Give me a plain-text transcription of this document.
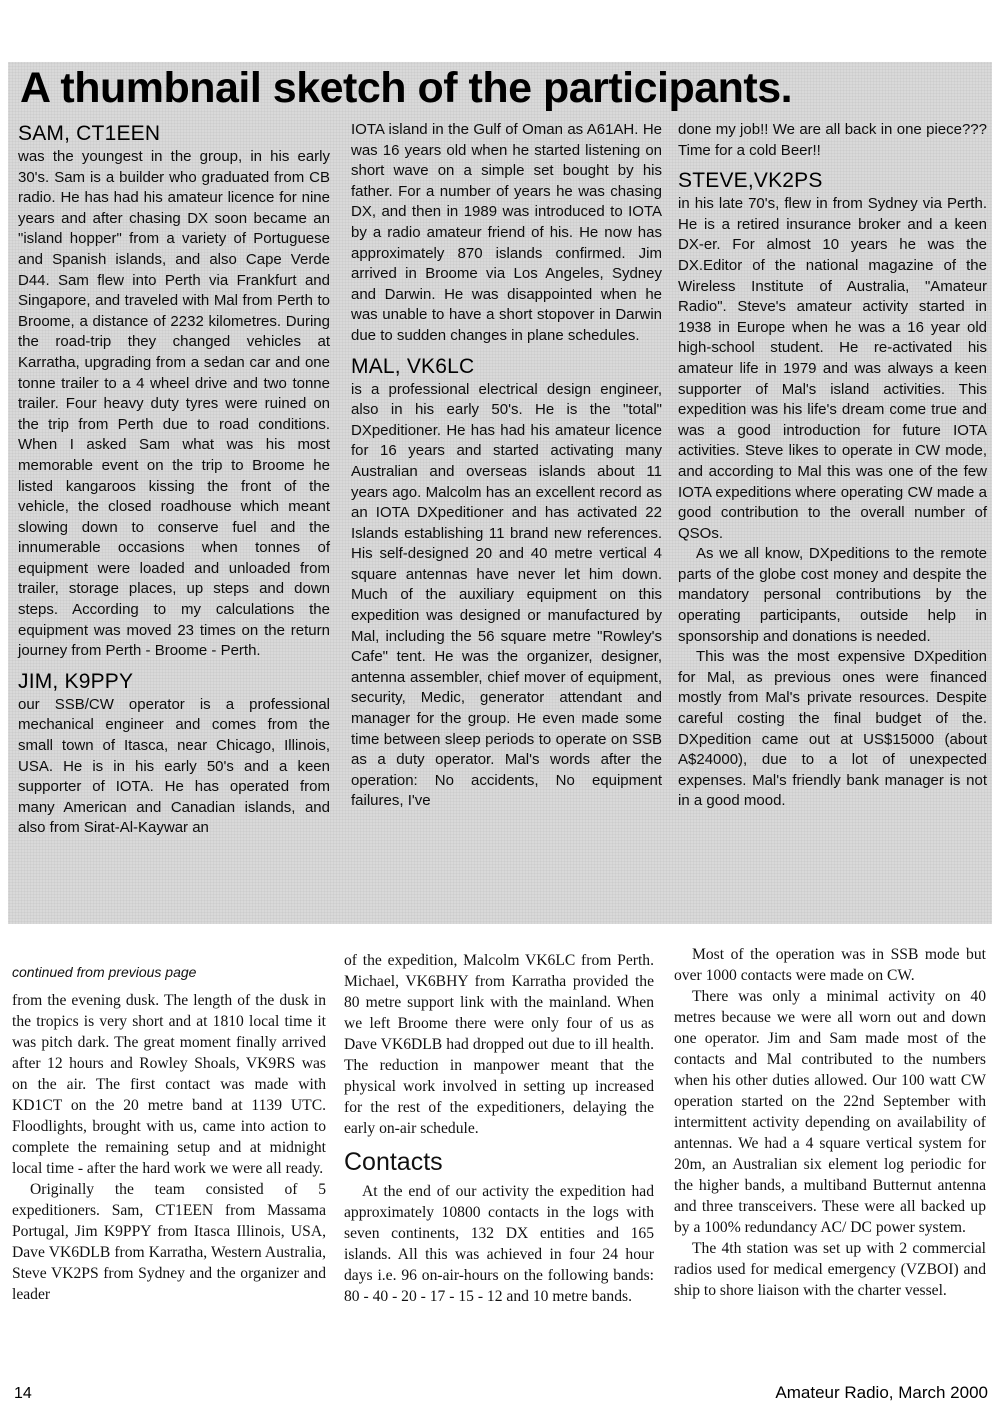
A thumbnail sketch of the participants.
SAM, CT1EEN

was the youngest in the group, in his early 30's. Sam is a builder who graduated from CB radio. He has had his amateur licence for nine years and after chasing DX soon became an "island hopper" from a variety of Portuguese and Spanish islands, and also Cape Verde D44. Sam flew into Perth via Frankfurt and Singapore, and traveled with Mal from Perth to Broome, a distance of 2232 kilometres. During the road-trip they changed vehicles at Karratha, upgrading from a sedan car and one tonne trailer to a 4 wheel drive and two tonne trailer. Four heavy duty tyres were ruined on the trip from Perth due to road conditions. When I asked Sam what was his most memorable event on the trip to Broome he listed kangaroos kissing the front of the vehicle, the closed roadhouse which meant slowing down to conserve fuel and the innumerable occasions when tonnes of equipment were loaded and unloaded from trailer, storage places, up steps and down steps. According to my calculations the equipment was moved 23 times on the return journey from Perth - Broome - Perth.

JIM, K9PPY

our SSB/CW operator is a professional mechanical engineer and comes from the small town of Itasca, near Chicago, Illinois, USA. He is in his early 50's and a keen supporter of IOTA. He has operated from many American and Canadian islands, and also from Sirat-Al-Kaywar an

IOTA island in the Gulf of Oman as A61AH. He was 16 years old when he started listening on short wave on a simple set bought by his father. For a number of years he was chasing DX, and then in 1989 was introduced to IOTA by a radio amateur friend of his. He now has approximately 870 islands confirmed. Jim arrived in Broome via Los Angeles, Sydney and Darwin. He was disappointed when he was unable to have a short stopover in Darwin due to sudden changes in plane schedules.

MAL, VK6LC

is a professional electrical design engineer, also in his early 50's. He is the "total" DXpeditioner. He has had his amateur licence for 16 years and started activating many Australian and overseas islands about 11 years ago. Malcolm has an excellent record as an IOTA DXpeditioner and has activated 22 Islands establishing 11 brand new references. His self-designed 20 and 40 metre vertical 4 square antennas have never let him down. Much of the auxiliary equipment on this expedition was designed or manufactured by Mal, including the 56 square metre "Rowley's Cafe" tent. He was the organizer, designer, antenna assembler, chief mover of equipment, security, Medic, generator attendant and manager for the group. He even made some time between sleep periods to operate on SSB as a duty operator. Mal's words after the operation: No accidents, No equipment failures, I've

done my job!! We are all back in one piece??? Time for a cold Beer!!

STEVE,VK2PS

in his late 70's, flew in from Sydney via Perth. He is a retired insurance broker and a keen DX-er. For almost 10 years he was the DX.Editor of the national magazine of the Wireless Institute of Australia, "Amateur Radio". Steve's amateur activity started in 1938 in Europe when he was a 16 year old high-school student. He re-activated his amateur life in 1979 and was always a keen supporter of Mal's island activities. This expedition was his life's dream come true and was a good introduction for future IOTA activities. Steve likes to operate in CW mode, and according to Mal this was one of the few IOTA expeditions where operating CW made a good contribution to the overall number of QSOs.

As we all know, DXpeditions to the remote parts of the globe cost money and despite the mandatory personal contributions by the operating participants, outside help in sponsorship and donations is needed.

This was the most expensive DXpedition for Mal, as previous ones were financed mostly from Mal's private resources. Despite careful costing the final budget of the. DXpedition came out at US$15000 (about A$24000), due to a lot of unexpected expenses. Mal's friendly bank manager is not in a good mood.

continued from previous page

from the evening dusk. The length of the dusk in the tropics is very short and at 1810 local time it was pitch dark. The great moment finally arrived after 12 hours and Rowley Shoals, VK9RS was on the air. The first contact was made with KD1CT on the 20 metre band at 1139 UTC. Floodlights, brought with us, came into action to complete the remaining setup and at midnight local time - after the hard work we were all ready.

Originally the team consisted of 5 expeditioners. Sam, CT1EEN from Massama Portugal, Jim K9PPY from Itasca Illinois, USA, Dave VK6DLB from Karratha, Western Australia, Steve VK2PS from Sydney and the organizer and leader

of the expedition, Malcolm VK6LC from Perth. Michael, VK6BHY from Karratha provided the 80 metre support link with the mainland. When we left Broome there were only four of us as Dave VK6DLB had dropped out due to ill health. The reduction in manpower meant that the physical work involved in setting up increased for the rest of the expeditioners, delaying the early on-air schedule.

Contacts

At the end of our activity the expedition had approximately 10800 contacts in the logs with seven continents, 132 DX entities and 165 islands. All this was achieved in four 24 hour days i.e. 96 on-air-hours on the following bands: 80 - 40 - 20 - 17 - 15 - 12 and 10 metre bands.

Most of the operation was in SSB mode but over 1000 contacts were made on CW.

There was only a minimal activity on 40 metres because we were all worn out and down one operator. Jim and Sam made most of the contacts and Mal contributed to the numbers when his other duties allowed. Our 100 watt CW operation started on the 22nd September with intermittent activity depending on availability of antennas. We had a 4 square vertical system for 20m, an Australian six element log periodic for the higher bands, a multiband Butternut antenna and three transceivers. These were all backed up by a 100% redundancy AC/ DC power system.

The 4th station was set up with 2 commercial radios used for medical emergency (VZBOI) and ship to shore liaison with the charter vessel.

14	Amateur Radio, March 2000
